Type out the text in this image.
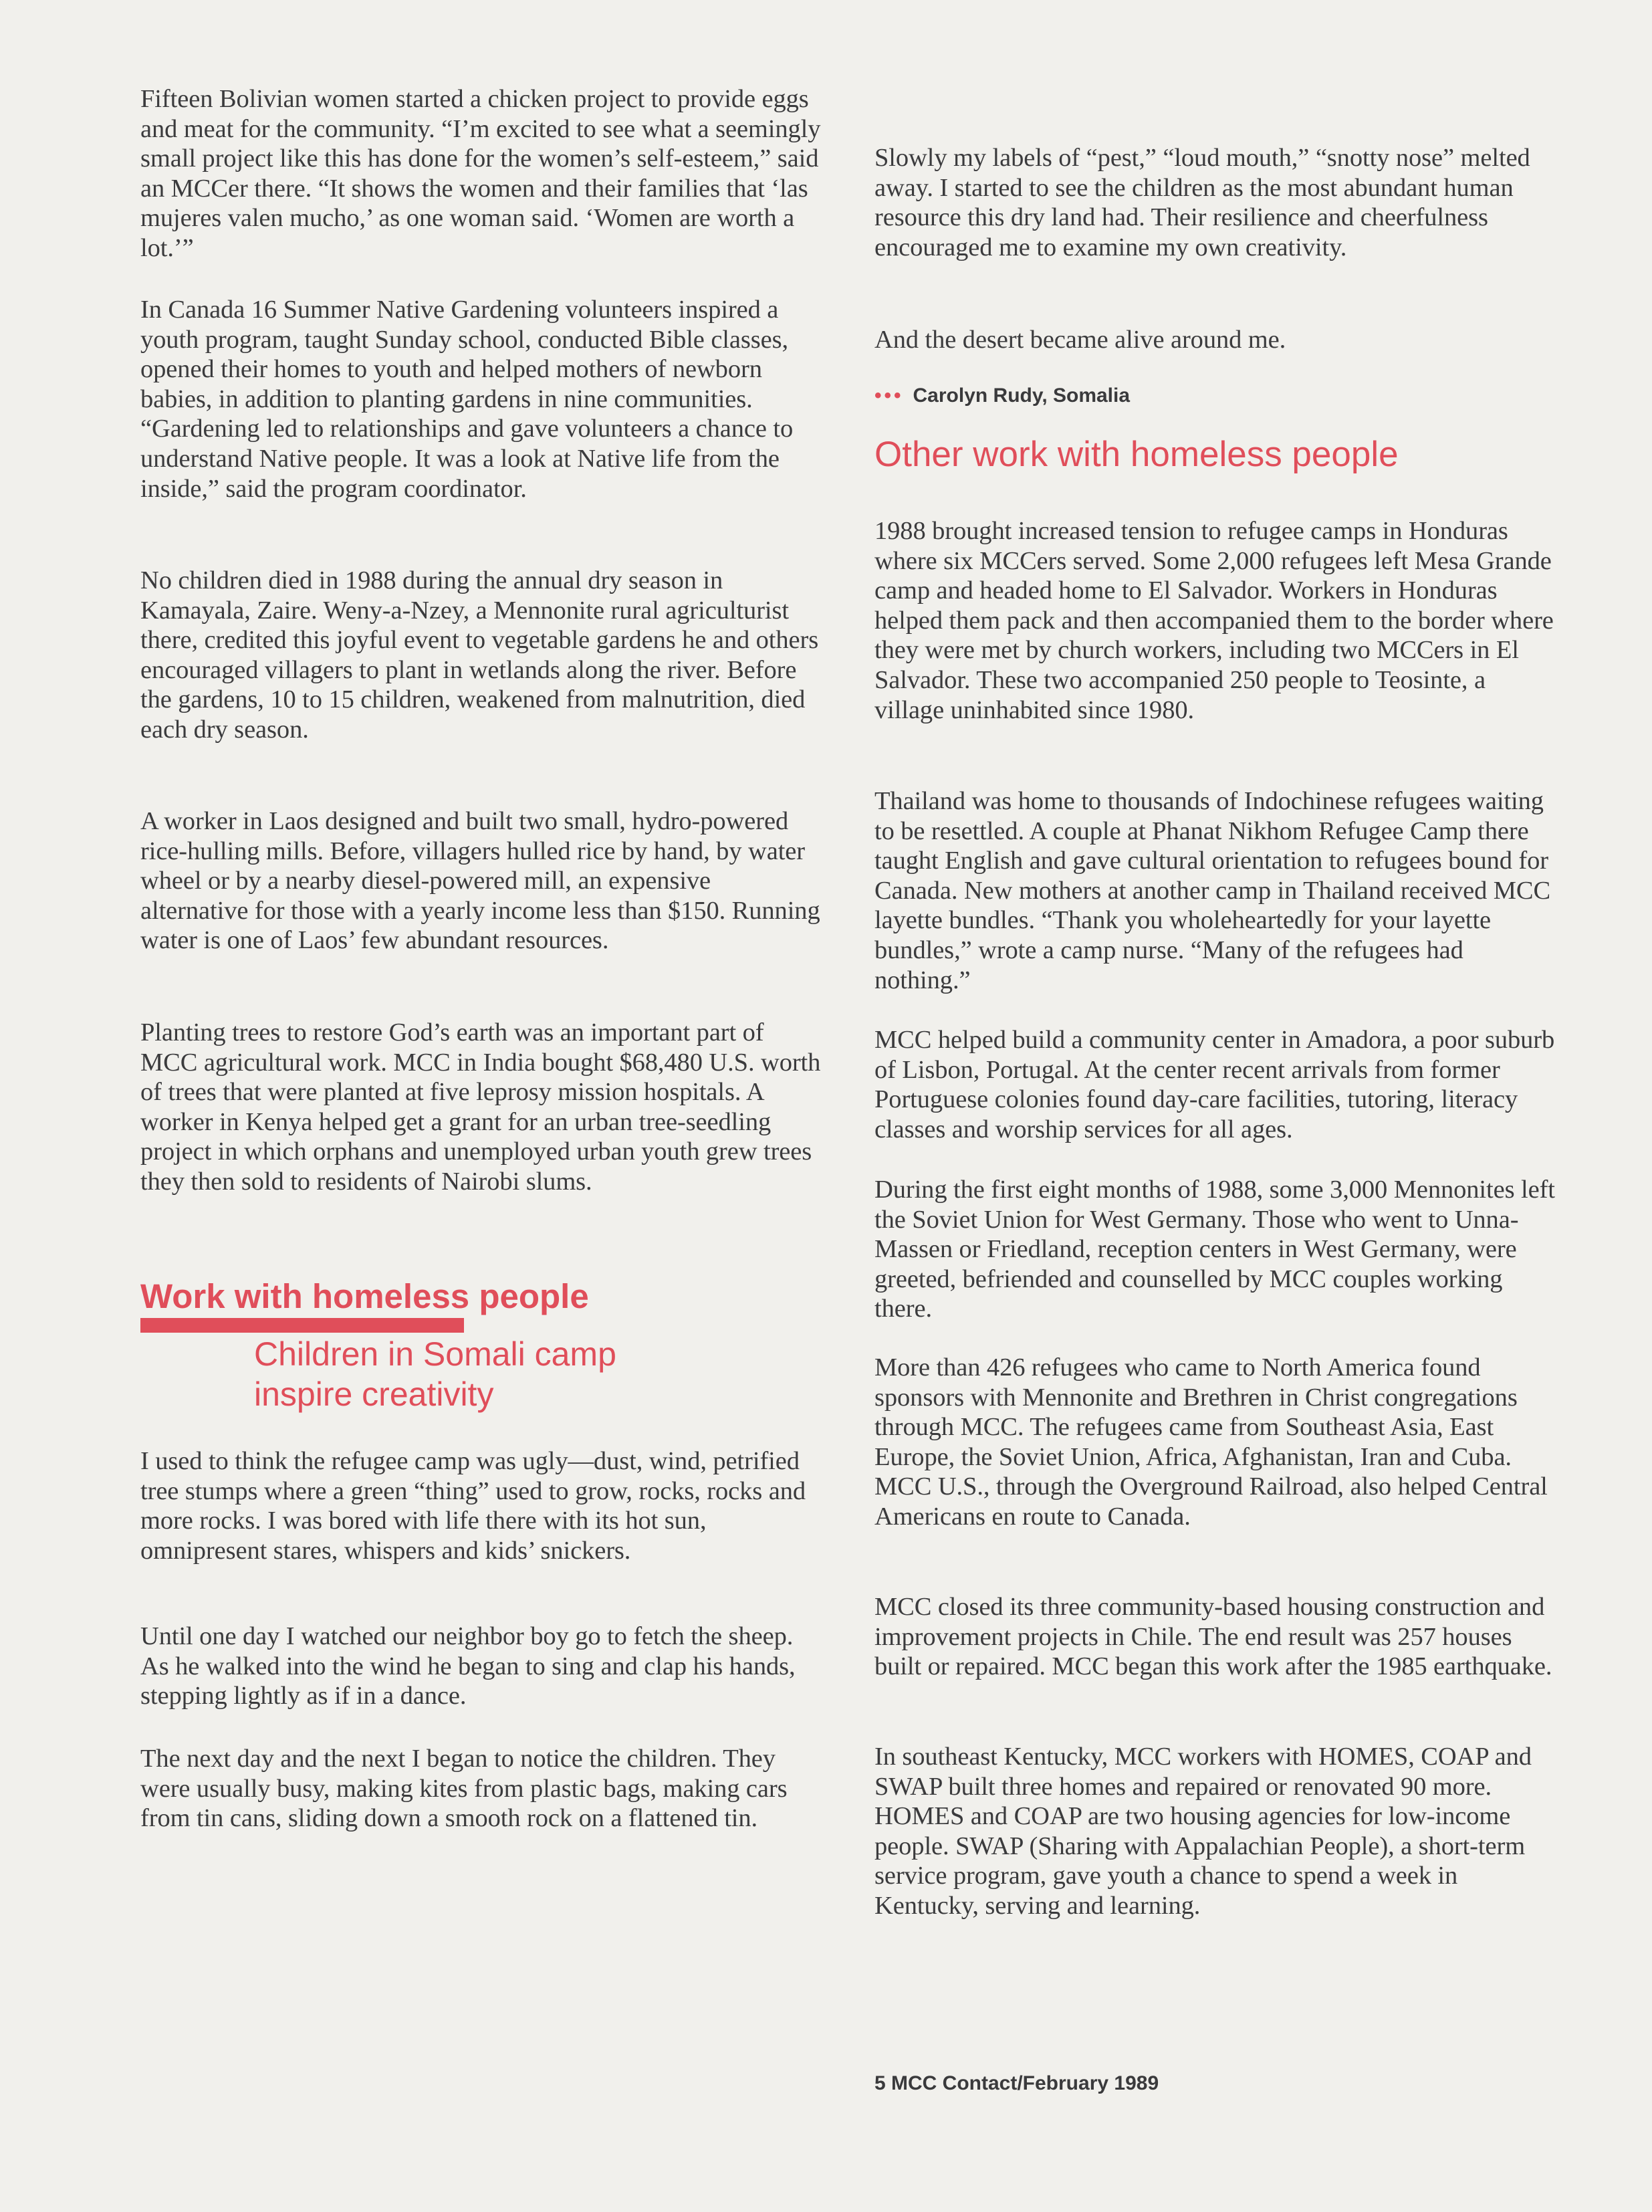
Fifteen Bolivian women started a chicken project to provide eggs and meat for the community. “I’m excited to see what a seemingly small project like this has done for the women’s self-esteem,” said an MCCer there. “It shows the women and their families that ‘las mujeres valen mucho,’ as one woman said. ‘Women are worth a lot.’”

In Canada 16 Summer Native Gardening volunteers inspired a youth program, taught Sunday school, conducted Bible classes, opened their homes to youth and helped mothers of newborn babies, in addition to planting gardens in nine communities. “Gardening led to relationships and gave volunteers a chance to understand Native people. It was a look at Native life from the inside,” said the program coordinator.

No children died in 1988 during the annual dry season in Kamayala, Zaire. Weny-a-Nzey, a Mennonite rural agriculturist there, credited this joyful event to vegetable gardens he and others encouraged villagers to plant in wetlands along the river. Before the gardens, 10 to 15 children, weakened from malnutrition, died each dry season.

A worker in Laos designed and built two small, hydro-powered rice-hulling mills. Before, villagers hulled rice by hand, by water wheel or by a nearby diesel-powered mill, an expensive alternative for those with a yearly income less than $150. Running water is one of Laos’ few abundant resources.

Planting trees to restore God’s earth was an important part of MCC agricultural work. MCC in India bought $68,480 U.S. worth of trees that were planted at five leprosy mission hospitals. A worker in Kenya helped get a grant for an urban tree-seedling project in which orphans and unemployed urban youth grew trees they then sold to residents of Nairobi slums.

Work with homeless people
Children in Somali camp
inspire creativity

I used to think the refugee camp was ugly—dust, wind, petrified tree stumps where a green “thing” used to grow, rocks, rocks and more rocks. I was bored with life there with its hot sun, omnipresent stares, whispers and kids’ snickers.

Until one day I watched our neighbor boy go to fetch the sheep. As he walked into the wind he began to sing and clap his hands, stepping lightly as if in a dance.

The next day and the next I began to notice the children. They were usually busy, making kites from plastic bags, making cars from tin cans, sliding down a smooth rock on a flattened tin.

Slowly my labels of “pest,” “loud mouth,” “snotty nose” melted away. I started to see the children as the most abundant human resource this dry land had. Their resilience and cheerfulness encouraged me to examine my own creativity.

And the desert became alive around me.

••• Carolyn Rudy, Somalia
Other work with homeless people

1988 brought increased tension to refugee camps in Honduras where six MCCers served. Some 2,000 refugees left Mesa Grande camp and headed home to El Salvador. Workers in Honduras helped them pack and then accompanied them to the border where they were met by church workers, including two MCCers in El Salvador. These two accompanied 250 people to Teosinte, a village uninhabited since 1980.

Thailand was home to thousands of Indochinese refugees waiting to be resettled. A couple at Phanat Nikhom Refugee Camp there taught English and gave cultural orientation to refugees bound for Canada. New mothers at another camp in Thailand received MCC layette bundles. “Thank you wholeheartedly for your layette bundles,” wrote a camp nurse. “Many of the refugees had nothing.”

MCC helped build a community center in Amadora, a poor suburb of Lisbon, Portugal. At the center recent arrivals from former Portuguese colonies found day-care facilities, tutoring, literacy classes and worship services for all ages.

During the first eight months of 1988, some 3,000 Mennonites left the Soviet Union for West Germany. Those who went to Unna-Massen or Friedland, reception centers in West Germany, were greeted, befriended and counselled by MCC couples working there.

More than 426 refugees who came to North America found sponsors with Mennonite and Brethren in Christ congregations through MCC. The refugees came from Southeast Asia, East Europe, the Soviet Union, Africa, Afghanistan, Iran and Cuba. MCC U.S., through the Overground Railroad, also helped Central Americans en route to Canada.

MCC closed its three community-based housing construction and improvement projects in Chile. The end result was 257 houses built or repaired. MCC began this work after the 1985 earthquake.

In southeast Kentucky, MCC workers with HOMES, COAP and SWAP built three homes and repaired or renovated 90 more. HOMES and COAP are two housing agencies for low-income people. SWAP (Sharing with Appalachian People), a short-term service program, gave youth a chance to spend a week in Kentucky, serving and learning.

5 MCC Contact/February 1989
